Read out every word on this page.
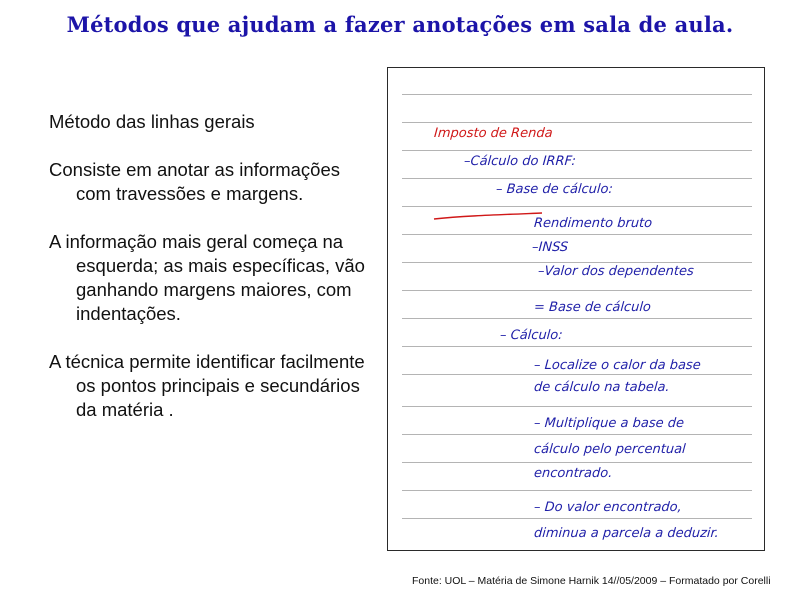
Métodos que ajudam a fazer anotações em sala de aula.

Método das linhas gerais

Consiste em anotar as informações com travessões e margens.

A informação mais geral começa na esquerda; as mais específicas, vão ganhando margens maiores, com indentações.

A técnica permite identificar facilmente os pontos principais e secundários da matéria .

Imposto de Renda
–Cálculo do IRRF:
– Base de cálculo:
Rendimento bruto
–INSS
–Valor dos dependentes
= Base de cálculo
– Cálculo:
– Localize o calor da base
de cálculo na tabela.
– Multiplique a base de
cálculo pelo percentual
encontrado.
– Do valor encontrado,
diminua a parcela a deduzir.
Fonte: UOL – Matéria de Simone Harnik 14//05/2009 – Formatado por Corelli
